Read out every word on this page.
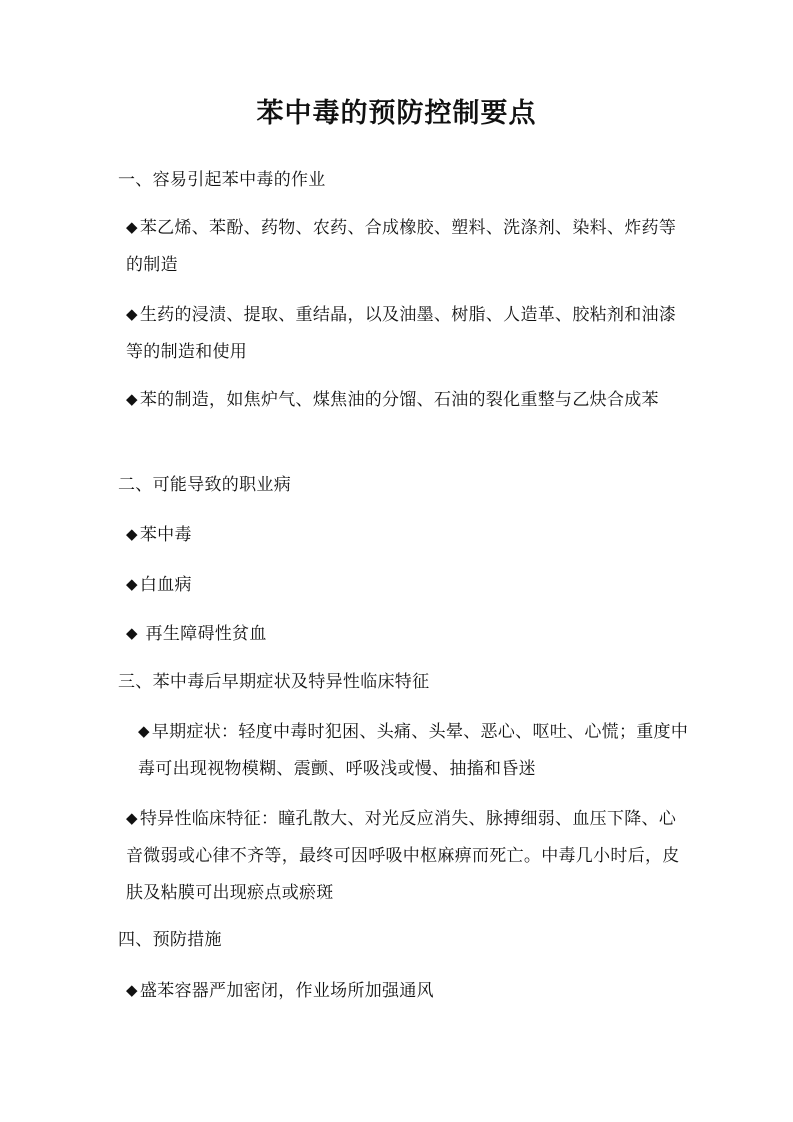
苯中毒的预防控制要点

一、容易引起苯中毒的作业

◆ 苯乙烯、苯酚、药物、农药、合成橡胶、塑料、洗涤剂、染料、炸药等的制造

◆ 生药的浸渍、提取、重结晶，以及油墨、树脂、人造革、胶粘剂和油漆等的制造和使用

◆ 苯的制造，如焦炉气、煤焦油的分馏、石油的裂化重整与乙炔合成苯

二、可能导致的职业病

◆ 苯中毒

◆ 白血病

◆ 再生障碍性贫血

三、苯中毒后早期症状及特异性临床特征

◆ 早期症状：轻度中毒时犯困、头痛、头晕、恶心、呕吐、心慌；重度中毒可出现视物模糊、震颤、呼吸浅或慢、抽搐和昏迷

◆ 特异性临床特征：瞳孔散大、对光反应消失、脉搏细弱、血压下降、心音微弱或心律不齐等，最终可因呼吸中枢麻痹而死亡。中毒几小时后，皮肤及粘膜可出现瘀点或瘀斑

四、预防措施

◆ 盛苯容器严加密闭，作业场所加强通风
